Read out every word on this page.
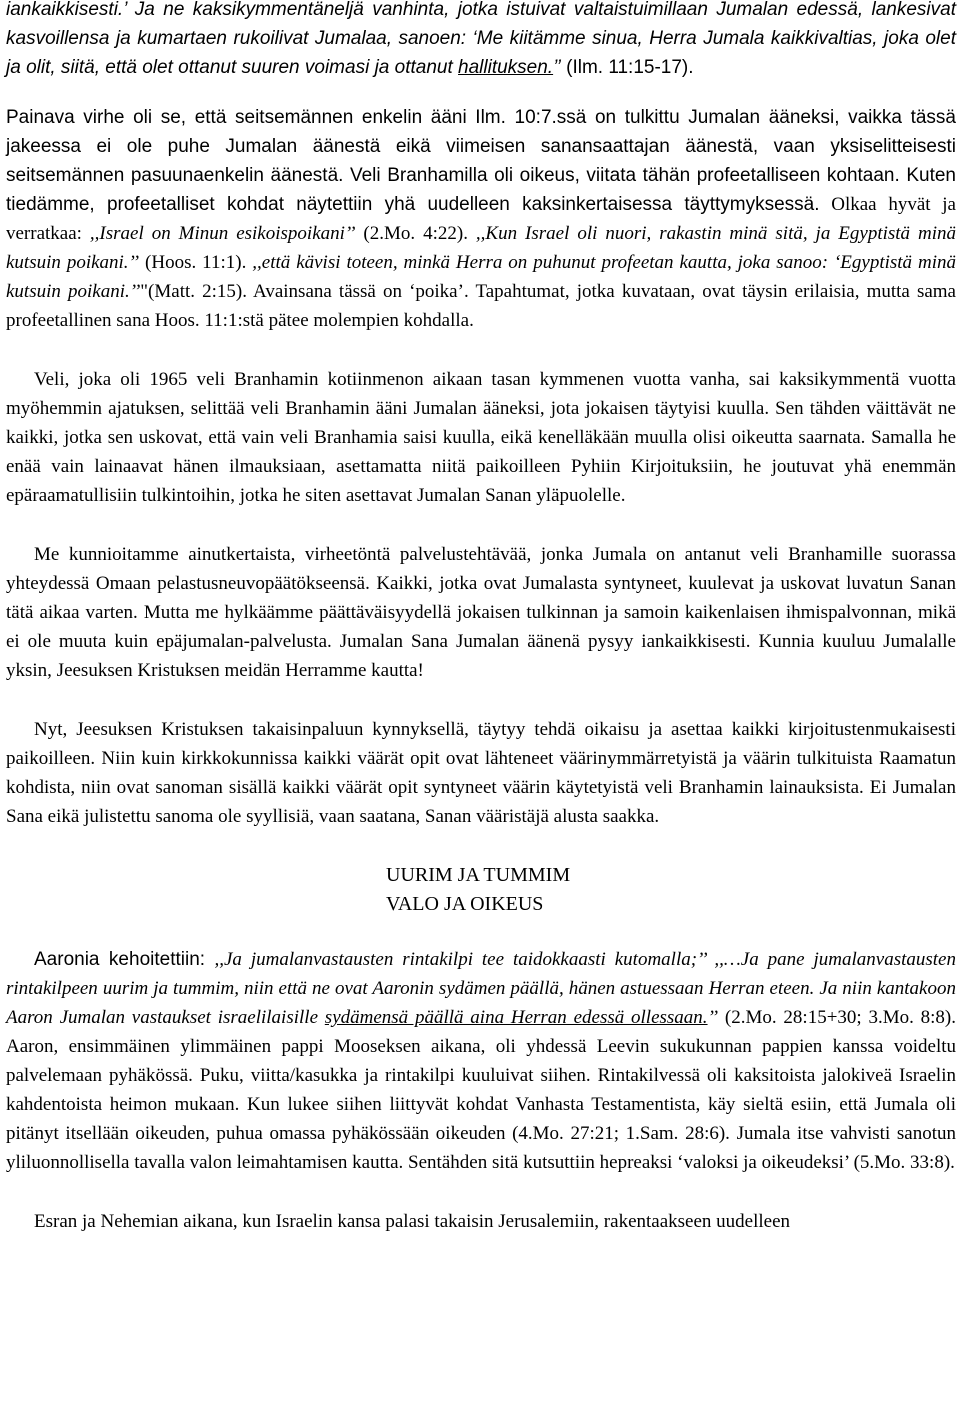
iankaikkisesti.’ Ja ne kaksikymmentäneljä vanhinta, jotka istuivat valtaistuimillaan Jumalan edessä, lankesivat kasvoillensa ja kumartaen rukoilivat Jumalaa, sanoen: ‘Me kiitämme sinua, Herra Jumala kaikkivaltias, joka olet ja olit, siitä, että olet ottanut suuren voimasi ja ottanut hallituksen.’’ (Ilm. 11:15-17).

Painava virhe oli se, että seitsemännen enkelin ääni Ilm. 10:7.ssä on tulkittu Jumalan ääneksi, vaikka tässä jakeessa ei ole puhe Jumalan äänestä eikä viimeisen sanansaattajan äänestä, vaan yksiselitteisesti seitsemännen pasuunaenkelin äänestä. Veli Branhamilla oli oikeus, viitata tähän profeetalliseen kohtaan. Kuten tiedämme, profeetalliset kohdat näytettiin yhä uudelleen kaksinkertaisessa täyttymyksessä. Olkaa hyvät ja verratkaa: ,,Israel on Minun esikoispoikani’’ (2.Mo. 4:22). ,,Kun Israel oli nuori, rakastin minä sitä, ja Egyptistä minä kutsuin poikani.’’ (Hoos. 11:1). ,,että kävisi toteen, minkä Herra on puhunut profeetan kautta, joka sanoo: ‘Egyptistä minä kutsuin poikani.’’"(Matt. 2:15). Avainsana tässä on ‘poika’. Tapahtumat, jotka kuvataan, ovat täysin erilaisia, mutta sama profeetallinen sana Hoos. 11:1:stä pätee molempien kohdalla.

Veli, joka oli 1965 veli Branhamin kotiinmenon aikaan tasan kymmenen vuotta vanha, sai kaksikymmentä vuotta myöhemmin ajatuksen, selittää veli Branhamin ääni Jumalan ääneksi, jota jokaisen täytyisi kuulla. Sen tähden väittävät ne kaikki, jotka sen uskovat, että vain veli Branhamia saisi kuulla, eikä kenelläkään muulla olisi oikeutta saarnata. Samalla he enää vain lainaavat hänen ilmauksiaan, asettamatta niitä paikoilleen Pyhiin Kirjoituksiin, he joutuvat yhä enemmän epäraamatullisiin tulkintoihin, jotka he siten asettavat Jumalan Sanan yläpuolelle.

Me kunnioitamme ainutkertaista, virheetöntä palvelustehtävää, jonka Jumala on antanut veli Branhamille suorassa yhteydessä Omaan pelastusneuvopäätökseensä. Kaikki, jotka ovat Jumalasta syntyneet, kuulevat ja uskovat luvatun Sanan tätä aikaa varten. Mutta me hylkäämme päättäväisyydellä jokaisen tulkinnan ja samoin kaikenlaisen ihmispalvonnan, mikä ei ole muuta kuin epäjumalan-palvelusta. Jumalan Sana Jumalan äänenä pysyy iankaikkisesti. Kunnia kuuluu Jumalalle yksin, Jeesuksen Kristuksen meidän Herramme kautta!

Nyt, Jeesuksen Kristuksen takaisinpaluun kynnyksellä, täytyy tehdä oikaisu ja asettaa kaikki kirjoitustenmukaisesti paikoilleen. Niin kuin kirkkokunnissa kaikki väärät opit ovat lähteneet väärinymmärretyistä ja väärin tulkituista Raamatun kohdista, niin ovat sanoman sisällä kaikki väärät opit syntyneet väärin käytetyistä veli Branhamin lainauksista. Ei Jumalan Sana eikä julistettu sanoma ole syyllisiä, vaan saatana, Sanan vääristäjä alusta saakka.

UURIM JA TUMMIM

VALO JA OIKEUS

Aaronia kehoitettiin: ,,Ja jumalanvastausten rintakilpi tee taidokkaasti kutomalla;’’ ,,…Ja pane jumalanvastausten rintakilpeen uurim ja tummim, niin että ne ovat Aaronin sydämen päällä, hänen astuessaan Herran eteen. Ja niin kantakoon Aaron Jumalan vastaukset israelilaisille sydämensä päällä aina Herran edessä ollessaan.’’ (2.Mo. 28:15+30; 3.Mo. 8:8). Aaron, ensimmäinen ylimmäinen pappi Mooseksen aikana, oli yhdessä Leevin sukukunnan pappien kanssa voideltu palvelemaan pyhäkössä. Puku, viitta/kasukka ja rintakilpi kuuluivat siihen. Rintakilvessä oli kaksitoista jalokiveä Israelin kahdentoista heimon mukaan. Kun lukee siihen liittyvät kohdat Vanhasta Testamentista, käy sieltä esiin, että Jumala oli pitänyt itsellään oikeuden, puhua omassa pyhäkössään oikeuden (4.Mo. 27:21; 1.Sam. 28:6). Jumala itse vahvisti sanotun yliluonnollisella tavalla valon leimahtamisen kautta. Sentähden sitä kutsuttiin hepreaksi ‘valoksi ja oikeudeksi’ (5.Mo. 33:8).

Esran ja Nehemian aikana, kun Israelin kansa palasi takaisin Jerusalemiin, rakentaakseen uudelleen
